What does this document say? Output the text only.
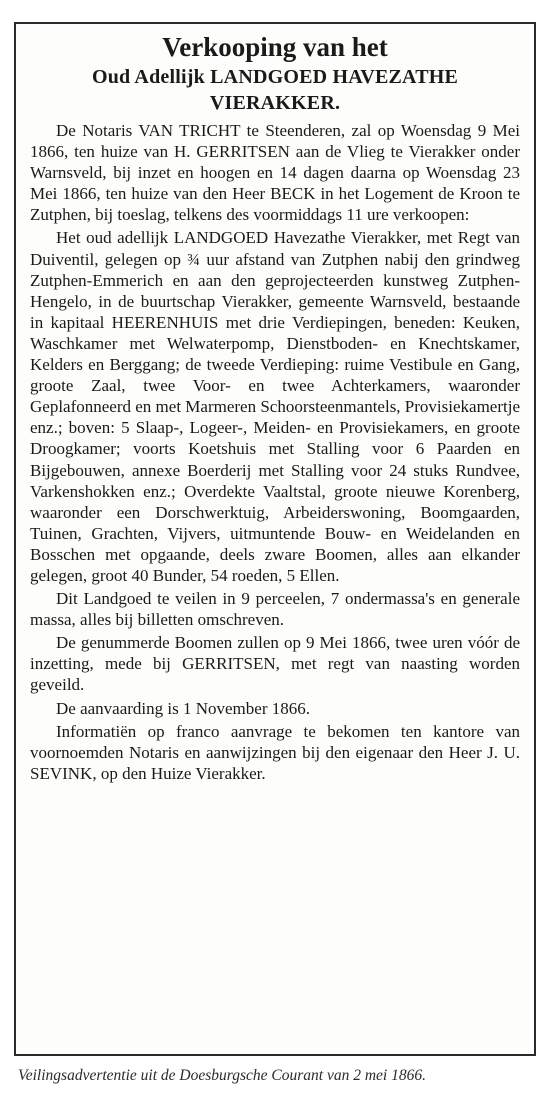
Verkooping van het
Oud Adellijk LANDGOED HAVEZATHE VIERAKKER.

De Notaris VAN TRICHT te Steenderen, zal op Woensdag 9 Mei 1866, ten huize van H. GERRITSEN aan de Vlieg te Vierakker onder Warnsveld, bij inzet en hoogen en 14 dagen daarna op Woensdag 23 Mei 1866, ten huize van den Heer BECK in het Logement de Kroon te Zutphen, bij toeslag, telkens des voormiddags 11 ure verkoopen:

Het oud adellijk LANDGOED Havezathe Vierakker, met Regt van Duiventil, gelegen op ¾ uur afstand van Zutphen nabij den grindweg Zutphen-Emmerich en aan den geprojecteerden kunstweg Zutphen-Hengelo, in de buurtschap Vierakker, gemeente Warnsveld, bestaande in kapitaal HEERENHUIS met drie Verdiepingen, beneden: Keuken, Waschkamer met Welwaterpomp, Dienstboden- en Knechtskamer, Kelders en Berggang; de tweede Verdieping: ruime Vestibule en Gang, groote Zaal, twee Voor- en twee Achterkamers, waaronder Geplafonneerd en met Marmeren Schoorsteenmantels, Provisiekamertje enz.; boven: 5 Slaap-, Logeer-, Meiden- en Provisiekamers, en groote Droogkamer; voorts Koetshuis met Stalling voor 6 Paarden en Bijgebouwen, annexe Boerderij met Stalling voor 24 stuks Rundvee, Varkenshokken enz.; Overdekte Vaaltstal, groote nieuwe Korenberg, waaronder een Dorschwerktuig, Arbeiderswoning, Boomgaarden, Tuinen, Grachten, Vijvers, uitmuntende Bouw- en Weidelanden en Bosschen met opgaande, deels zware Boomen, alles aan elkander gelegen, groot 40 Bunder, 54 roeden, 5 Ellen.

Dit Landgoed te veilen in 9 perceelen, 7 ondermassa's en generale massa, alles bij billetten omschreven.

De genummerde Boomen zullen op 9 Mei 1866, twee uren vóór de inzetting, mede bij GERRITSEN, met regt van naasting worden geveild.

De aanvaarding is 1 November 1866.

Informatiën op franco aanvrage te bekomen ten kantore van voornoemden Notaris en aanwijzingen bij den eigenaar den Heer J. U. SEVINK, op den Huize Vierakker.

Veilingsadvertentie uit de Doesburgsche Courant van 2 mei 1866.
